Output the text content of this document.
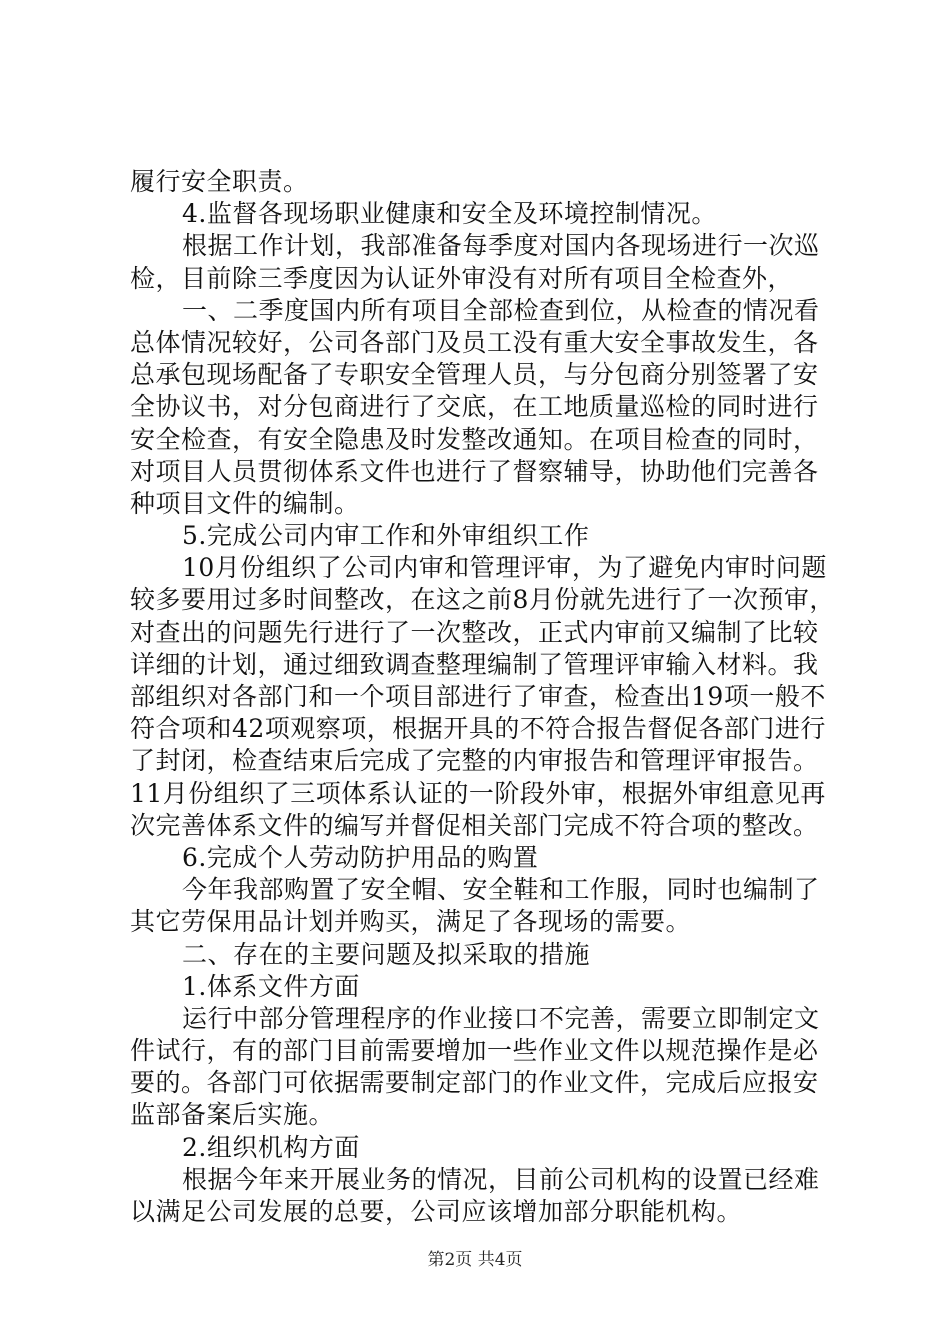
履行安全职责。
4.监督各现场职业健康和安全及环境控制情况。
根据工作计划，我部准备每季度对国内各现场进行一次巡
检，目前除三季度因为认证外审没有对所有项目全检查外，
一、二季度国内所有项目全部检查到位，从检查的情况看
总体情况较好，公司各部门及员工没有重大安全事故发生，各
总承包现场配备了专职安全管理人员，与分包商分别签署了安
全协议书，对分包商进行了交底，在工地质量巡检的同时进行
安全检查，有安全隐患及时发整改通知。在项目检查的同时，
对项目人员贯彻体系文件也进行了督察辅导，协助他们完善各
种项目文件的编制。
5.完成公司内审工作和外审组织工作
10月份组织了公司内审和管理评审，为了避免内审时问题
较多要用过多时间整改，在这之前8月份就先进行了一次预审，
对查出的问题先行进行了一次整改，正式内审前又编制了比较
详细的计划，通过细致调查整理编制了管理评审输入材料。我
部组织对各部门和一个项目部进行了审查，检查出19项一般不
符合项和42项观察项，根据开具的不符合报告督促各部门进行
了封闭，检查结束后完成了完整的内审报告和管理评审报告。
11月份组织了三项体系认证的一阶段外审，根据外审组意见再
次完善体系文件的编写并督促相关部门完成不符合项的整改。
6.完成个人劳动防护用品的购置
今年我部购置了安全帽、安全鞋和工作服，同时也编制了
其它劳保用品计划并购买，满足了各现场的需要。
二、存在的主要问题及拟采取的措施
1.体系文件方面
运行中部分管理程序的作业接口不完善，需要立即制定文
件试行，有的部门目前需要增加一些作业文件以规范操作是必
要的。各部门可依据需要制定部门的作业文件，完成后应报安
监部备案后实施。
2.组织机构方面
根据今年来开展业务的情况，目前公司机构的设置已经难
以满足公司发展的总要，公司应该增加部分职能机构。
第2页 共4页
